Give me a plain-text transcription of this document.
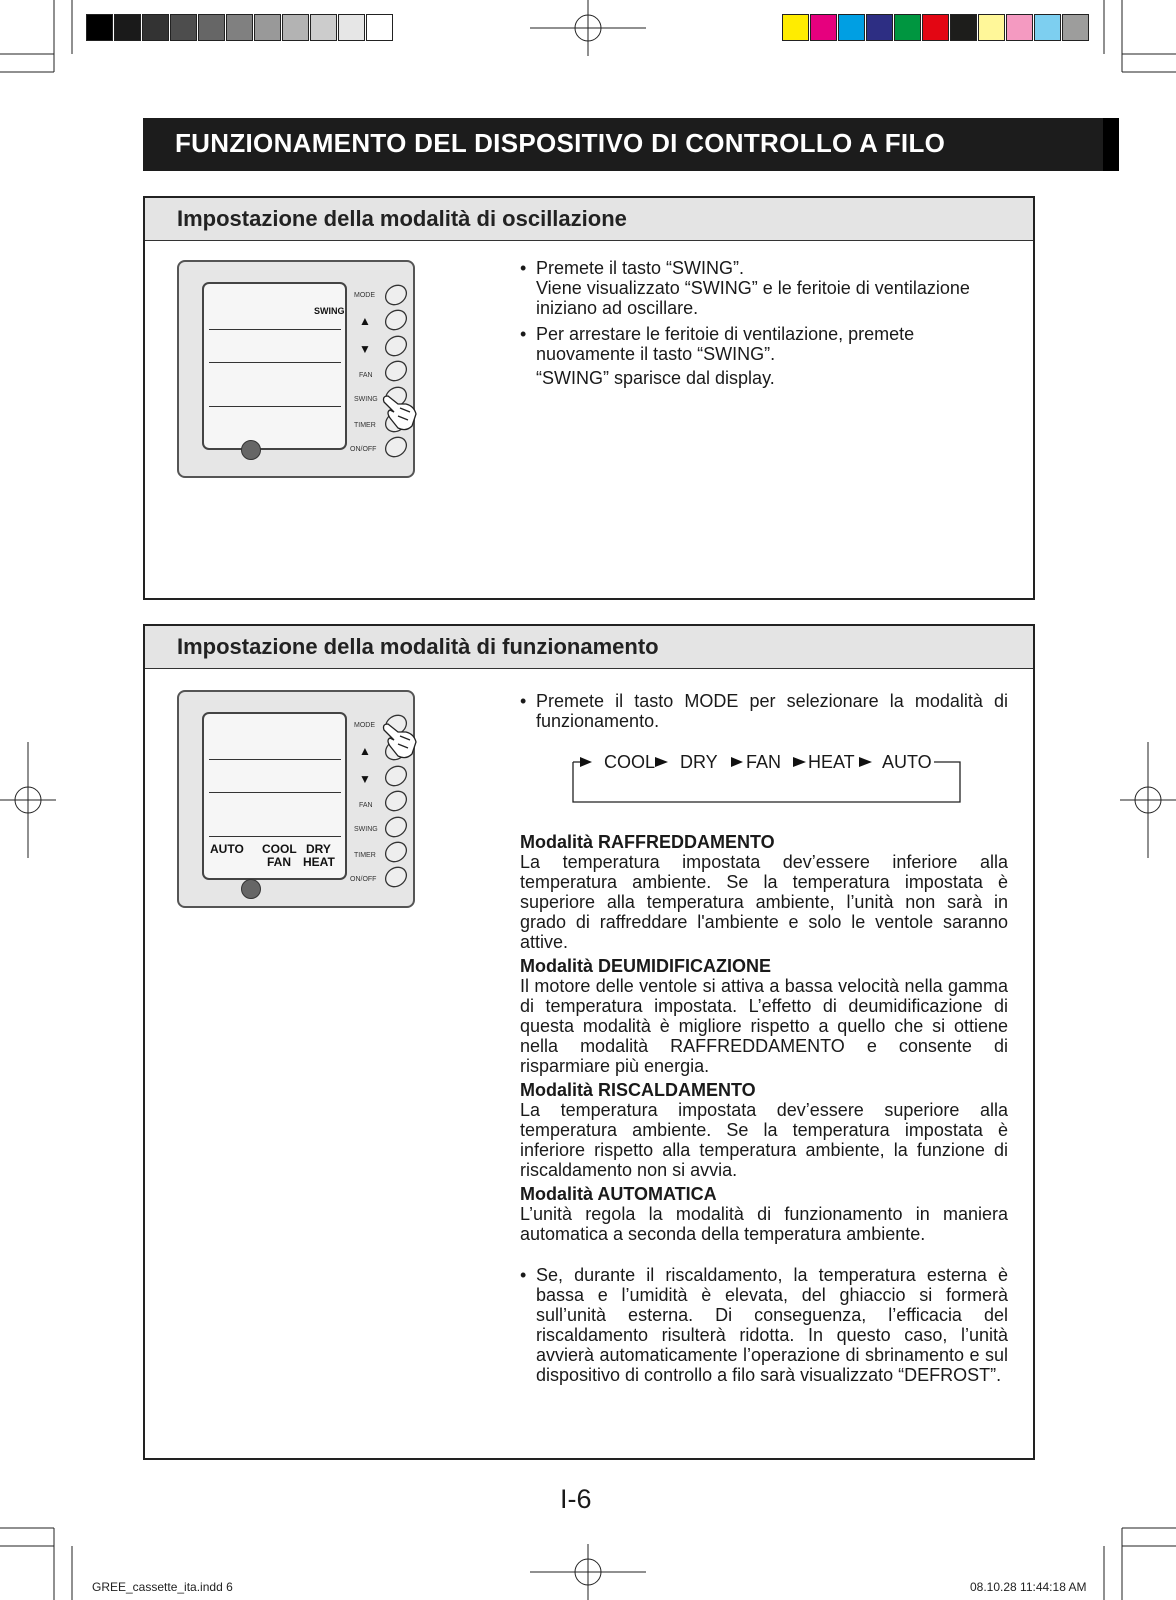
FUNZIONAMENTO DEL DISPOSITIVO DI CONTROLLO A FILO
Impostazione della modalità di oscillazione
SWING
MODE
▲
▼
FAN
SWING
TIMER
ON/OFF
• Premete il tasto “SWING”.
Viene visualizzato “SWING” e le feritoie di ventilazione iniziano ad oscillare.
• Per arrestare le feritoie di ventilazione, premete nuovamente il tasto “SWING”.
“SWING” sparisce dal display.
Impostazione della modalità di funzionamento
AUTO COOL DRY
FAN HEAT
MODE
▲
▼
FAN
SWING
TIMER
ON/OFF
• Premete il tasto MODE per selezionare la modalità di funzionamento.
COOL DRY FAN HEAT AUTO
Modalità RAFFREDDAMENTO
La temperatura impostata dev’essere inferiore alla temperatura ambiente. Se la temperatura impostata è superiore alla temperatura ambiente, l’unità non sarà in grado di raffreddare l'ambiente e solo le ventole saranno attive.
Modalità DEUMIDIFICAZIONE
Il motore delle ventole si attiva a bassa velocità nella gamma di temperatura impostata. L’effetto di deumidificazione di questa modalità è migliore rispetto a quello che si ottiene nella modalità RAFFREDDAMENTO e consente di risparmiare più energia.
Modalità RISCALDAMENTO
La temperatura impostata dev’essere superiore alla temperatura ambiente. Se la temperatura impostata è inferiore rispetto alla temperatura ambiente, la funzione di riscaldamento non si avvia.
Modalità AUTOMATICA
L’unità regola la modalità di funzionamento in maniera automatica a seconda della temperatura ambiente.
• Se, durante il riscaldamento, la temperatura esterna è bassa e l’umidità è elevata, del ghiaccio si formerà sull’unità esterna. Di conseguenza, l’efficacia del riscaldamento risulterà ridotta. In questo caso, l’unità avvierà automaticamente l’operazione di sbrinamento e sul dispositivo di controllo a filo sarà visualizzato “DEFROST”.
I-6
GREE_cassette_ita.indd 6	08.10.28 11:44:18 AM
